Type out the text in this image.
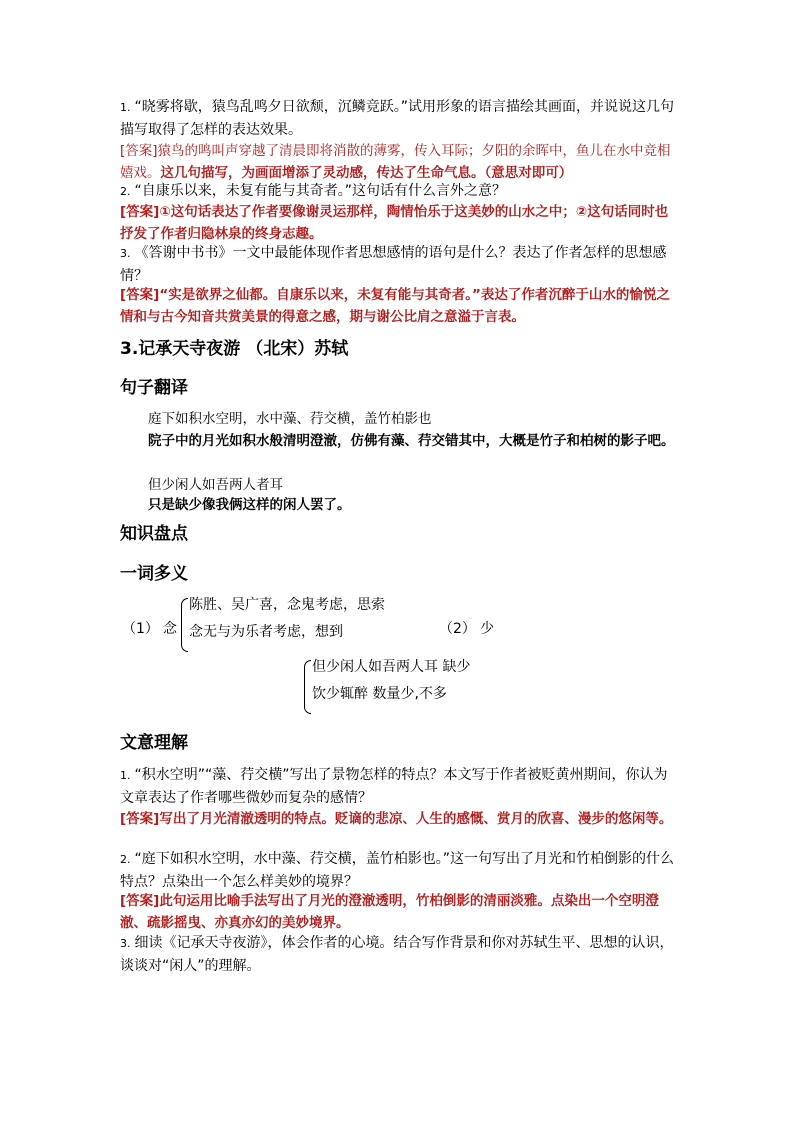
1. “晓雾将歇，猿鸟乱鸣夕日欲颓，沉鳞竞跃。”试用形象的语言描绘其画面，并说说这几句描写取得了怎样的表达效果。
[答案]猿鸟的鸣叫声穿越了清晨即将消散的薄雾，传入耳际；夕阳的余晖中，鱼儿在水中竞相嬉戏。这几句描写，为画面增添了灵动感，传达了生命气息。（意思对即可）
2. “自康乐以来，未复有能与其奇者。”这句话有什么言外之意？
[答案]①这句话表达了作者要像谢灵运那样，陶情怡乐于这美妙的山水之中；②这句话同时也抒发了作者归隐林泉的终身志趣。
3. 《答谢中书书》一文中最能体现作者思想感情的语句是什么？表达了作者怎样的思想感情？
[答案]“实是欲界之仙都。自康乐以来，未复有能与其奇者。”表达了作者沉醉于山水的愉悦之情和与古今知音共赏美景的得意之感，期与谢公比肩之意溢于言表。
3.记承天寺夜游 （北宋）苏轼
句子翻译
庭下如积水空明，水中藻、荇交横，盖竹柏影也
院子中的月光如积水般清明澄澈，仿佛有藻、荇交错其中，大概是竹子和柏树的影子吧。
但少闲人如吾两人者耳
只是缺少像我俩这样的闲人罢了。
知识盘点
一词多义
（1） 念
陈胜、吴广喜，念鬼考虑，思索
念无与为乐者考虑，想到	（2） 少
但少闲人如吾两人耳 缺少
饮少辄醉 数量少,不多
文意理解
1. “积水空明”“藻、荇交横”写出了景物怎样的特点？本文写于作者被贬黄州期间，你认为文章表达了作者哪些微妙而复杂的感情？
[答案]写出了月光清澈透明的特点。贬谪的悲凉、人生的感慨、赏月的欣喜、漫步的悠闲等。
2. “庭下如积水空明，水中藻、荇交横，盖竹柏影也。”这一句写出了月光和竹柏倒影的什么特点？点染出一个怎么样美妙的境界？
[答案]此句运用比喻手法写出了月光的澄澈透明，竹柏倒影的清丽淡雅。点染出一个空明澄澈、疏影摇曳、亦真亦幻的美妙境界。
3. 细读《记承天寺夜游》，体会作者的心境。结合写作背景和你对苏轼生平、思想的认识，谈谈对“闲人”的理解。
